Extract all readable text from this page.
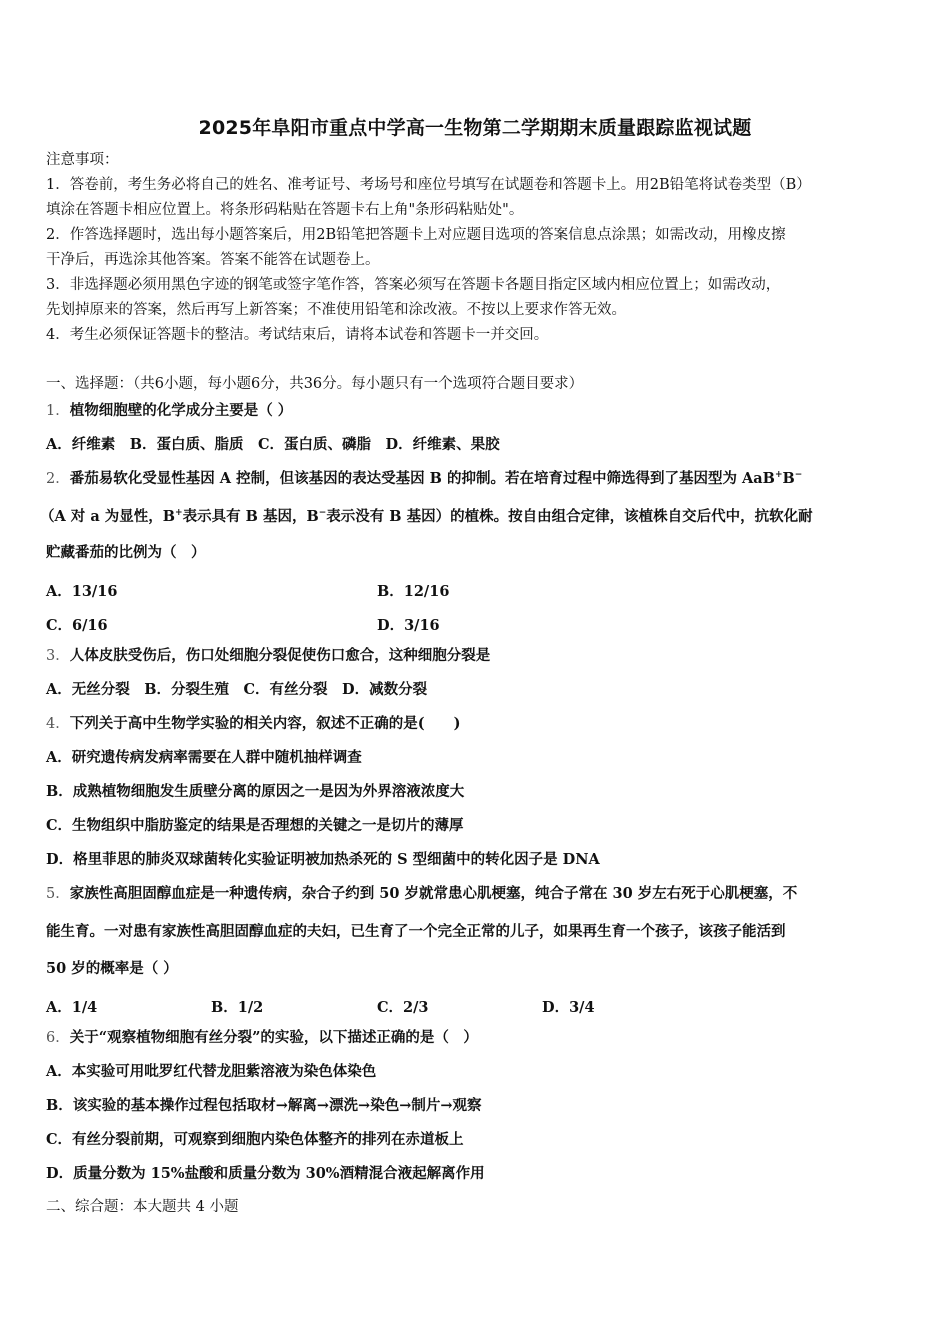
2025年阜阳市重点中学高一生物第二学期期末质量跟踪监视试题
注意事项：
1．答卷前，考生务必将自己的姓名、准考证号、考场号和座位号填写在试题卷和答题卡上。用2B铅笔将试卷类型（B）
填涂在答题卡相应位置上。将条形码粘贴在答题卡右上角"条形码粘贴处"。
2．作答选择题时，选出每小题答案后，用2B铅笔把答题卡上对应题目选项的答案信息点涂黑；如需改动，用橡皮擦
干净后，再选涂其他答案。答案不能答在试题卷上。
3．非选择题必须用黑色字迹的钢笔或签字笔作答，答案必须写在答题卡各题目指定区域内相应位置上；如需改动，
先划掉原来的答案，然后再写上新答案；不准使用铅笔和涂改液。不按以上要求作答无效。
4．考生必须保证答题卡的整洁。考试结束后，请将本试卷和答题卡一并交回。
一、选择题：（共6小题，每小题6分，共36分。每小题只有一个选项符合题目要求）
1．植物细胞壁的化学成分主要是（ ）
A．纤维素　B．蛋白质、脂质　C．蛋白质、磷脂　D．纤维素、果胶
2．番茄易软化受显性基因 A 控制，但该基因的表达受基因 B 的抑制。若在培育过程中筛选得到了基因型为 AaB+B−
（A 对 a 为显性，B+表示具有 B 基因，B−表示没有 B 基因）的植株。按自由组合定律，该植株自交后代中，抗软化耐
贮藏番茄的比例为（　）
A．13/16	B．12/16
C．6/16	D．3/16
3．人体皮肤受伤后，伤口处细胞分裂促使伤口愈合，这种细胞分裂是
A．无丝分裂　B．分裂生殖　C．有丝分裂　D．减数分裂
4．下列关于高中生物学实验的相关内容，叙述不正确的是(　　)
A．研究遗传病发病率需要在人群中随机抽样调查
B．成熟植物细胞发生质壁分离的原因之一是因为外界溶液浓度大
C．生物组织中脂肪鉴定的结果是否理想的关键之一是切片的薄厚
D．格里菲思的肺炎双球菌转化实验证明被加热杀死的 S 型细菌中的转化因子是 DNA
5．家族性高胆固醇血症是一种遗传病，杂合子约到 50 岁就常患心肌梗塞，纯合子常在 30 岁左右死于心肌梗塞，不
能生育。一对患有家族性高胆固醇血症的夫妇，已生育了一个完全正常的儿子，如果再生育一个孩子，该孩子能活到
50 岁的概率是（ ）
A．1/4	B．1/2	C．2/3	D．3/4
6．关于“观察植物细胞有丝分裂”的实验，以下描述正确的是（　）
A．本实验可用吡罗红代替龙胆紫溶液为染色体染色
B．该实验的基本操作过程包括取材→解离→漂洗→染色→制片→观察
C．有丝分裂前期，可观察到细胞内染色体整齐的排列在赤道板上
D．质量分数为 15%盐酸和质量分数为 30%酒精混合液起解离作用
二、综合题：本大题共 4 小题
